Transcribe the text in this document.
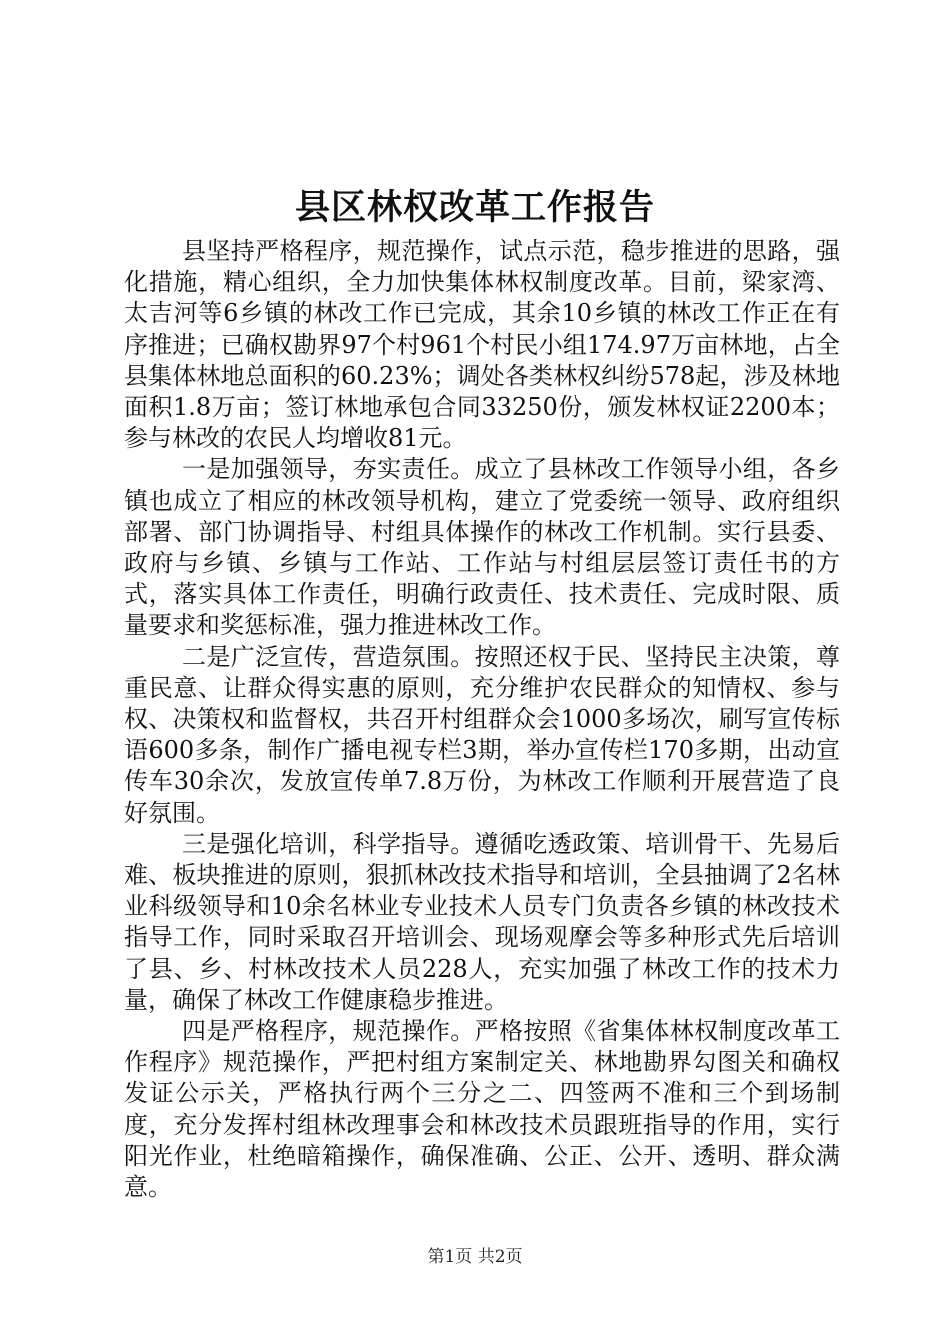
县区林权改革工作报告

县坚持严格程序，规范操作，试点示范，稳步推进的思路，强化措施，精心组织，全力加快集体林权制度改革。目前，梁家湾、太吉河等6乡镇的林改工作已完成，其余10乡镇的林改工作正在有序推进；已确权勘界97个村961个村民小组174.97万亩林地，占全县集体林地总面积的60.23%；调处各类林权纠纷578起，涉及林地面积1.8万亩；签订林地承包合同33250份，颁发林权证2200本；参与林改的农民人均增收81元。

一是加强领导，夯实责任。成立了县林改工作领导小组，各乡镇也成立了相应的林改领导机构，建立了党委统一领导、政府组织部署、部门协调指导、村组具体操作的林改工作机制。实行县委、政府与乡镇、乡镇与工作站、工作站与村组层层签订责任书的方式，落实具体工作责任，明确行政责任、技术责任、完成时限、质量要求和奖惩标准，强力推进林改工作。

二是广泛宣传，营造氛围。按照还权于民、坚持民主决策，尊重民意、让群众得实惠的原则，充分维护农民群众的知情权、参与权、决策权和监督权，共召开村组群众会1000多场次，刷写宣传标语600多条，制作广播电视专栏3期，举办宣传栏170多期，出动宣传车30余次，发放宣传单7.8万份，为林改工作顺利开展营造了良好氛围。

三是强化培训，科学指导。遵循吃透政策、培训骨干、先易后难、板块推进的原则，狠抓林改技术指导和培训，全县抽调了2名林业科级领导和10余名林业专业技术人员专门负责各乡镇的林改技术指导工作，同时采取召开培训会、现场观摩会等多种形式先后培训了县、乡、村林改技术人员228人，充实加强了林改工作的技术力量，确保了林改工作健康稳步推进。

四是严格程序，规范操作。严格按照《省集体林权制度改革工作程序》规范操作，严把村组方案制定关、林地勘界勾图关和确权发证公示关，严格执行两个三分之二、四签两不准和三个到场制度，充分发挥村组林改理事会和林改技术员跟班指导的作用，实行阳光作业，杜绝暗箱操作，确保准确、公正、公开、透明、群众满意。

第1页 共2页
